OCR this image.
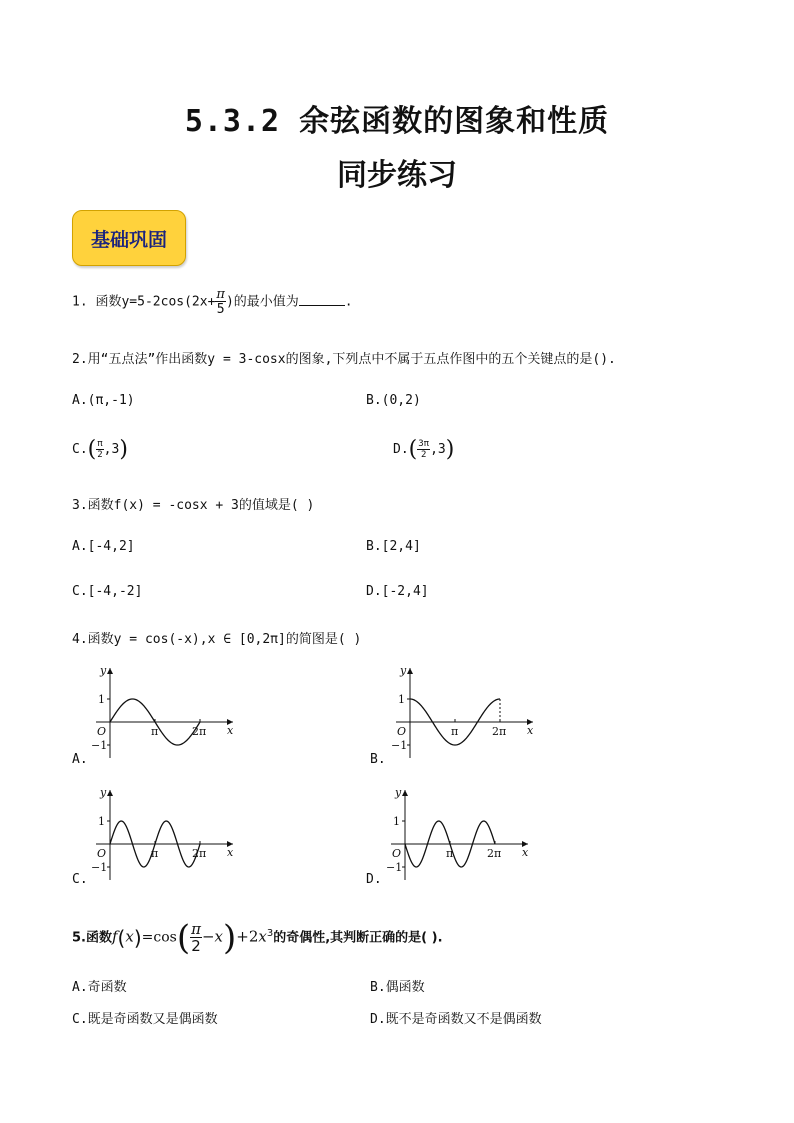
5.3.2 余弦函数的图象和性质
同步练习
基础巩固
1. 函数$y=5-2\cos(2x+ \frac{\pi}{5}$ )的最小值为	.
2.用“五点法”作出函数y = 3-cosx的图象,下列点中不属于五点作图中的五个关键点的是().
A.(π,-1)	B.(0,2)
$C.( \frac{\pi}{2} ,3)$	$D.( \frac{3\pi}{2} ,3)$
3.函数f(x) = -cosx + 3的值域是( )
A.[-4,2]	B.[2,4]
C.[-4,-2]	D.[-2,4]
4.函数y = cos(-x),x ∈ [0,2π]的简图是( )
A.	B.
C.	D.
y
x
1
−1
O	π	2π
y
x
1
−1
O	π	2π
y
x
1
−1
O	π	2π
y
x
1
−1
O	π	2π
5.函数$f(x)=\cos( \frac{\pi}{2} -x)+2x^3$的奇偶性,其判断正确的是( ).
A.奇函数	B.偶函数
C.既是奇函数又是偶函数	D.既不是奇函数又不是偶函数
